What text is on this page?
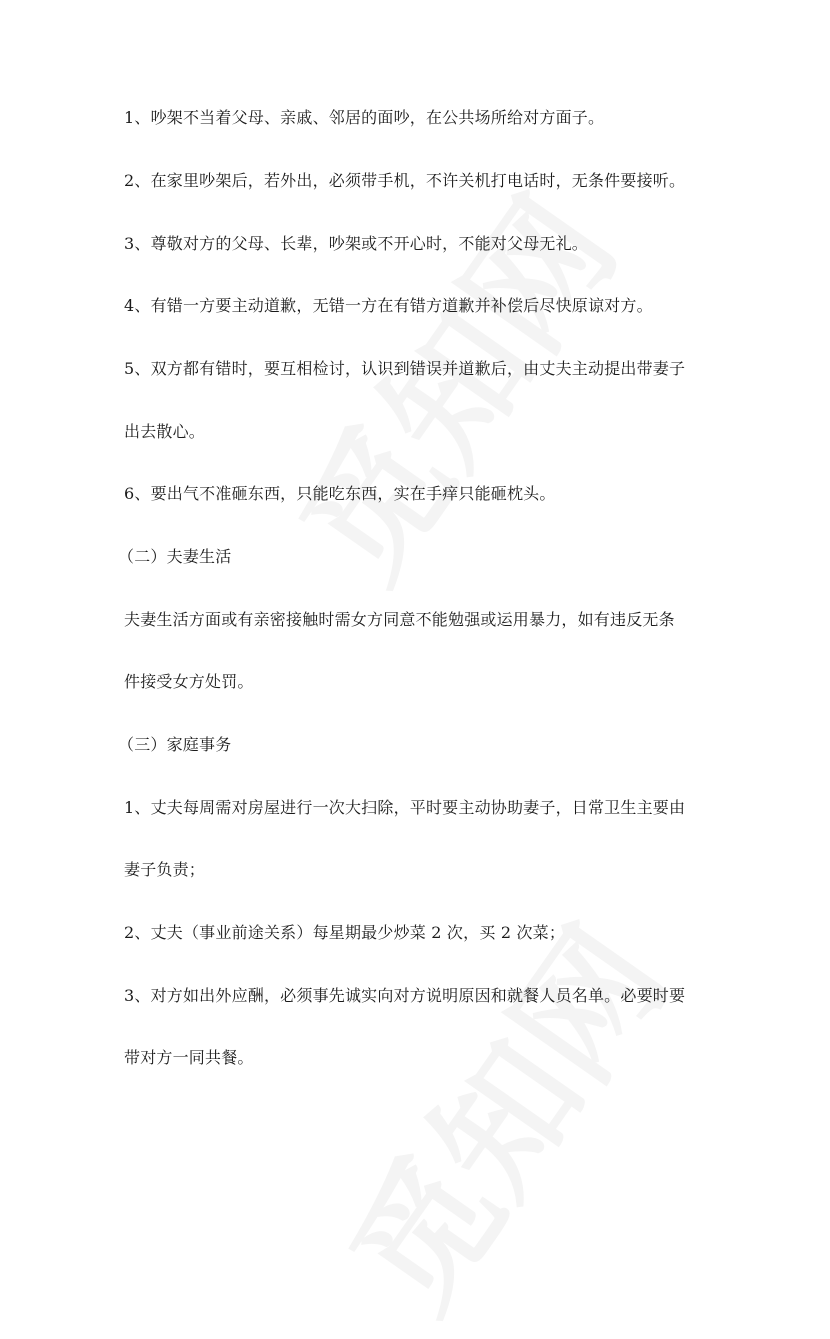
1、吵架不当着父母、亲戚、邻居的面吵，在公共场所给对方面子。
2、在家里吵架后，若外出，必须带手机，不许关机打电话时，无条件要接听。
3、尊敬对方的父母、长辈，吵架或不开心时，不能对父母无礼。
4、有错一方要主动道歉，无错一方在有错方道歉并补偿后尽快原谅对方。
5、双方都有错时，要互相检讨，认识到错误并道歉后，由丈夫主动提出带妻子
出去散心。
6、要出气不准砸东西，只能吃东西，实在手痒只能砸枕头。
（二）夫妻生活
夫妻生活方面或有亲密接触时需女方同意不能勉强或运用暴力，如有违反无条
件接受女方处罚。
（三）家庭事务
1、丈夫每周需对房屋进行一次大扫除，平时要主动协助妻子，日常卫生主要由
妻子负责；
2、丈夫（事业前途关系）每星期最少炒菜 2 次，买 2 次菜；
3、对方如出外应酬，必须事先诚实向对方说明原因和就餐人员名单。必要时要
带对方一同共餐。
